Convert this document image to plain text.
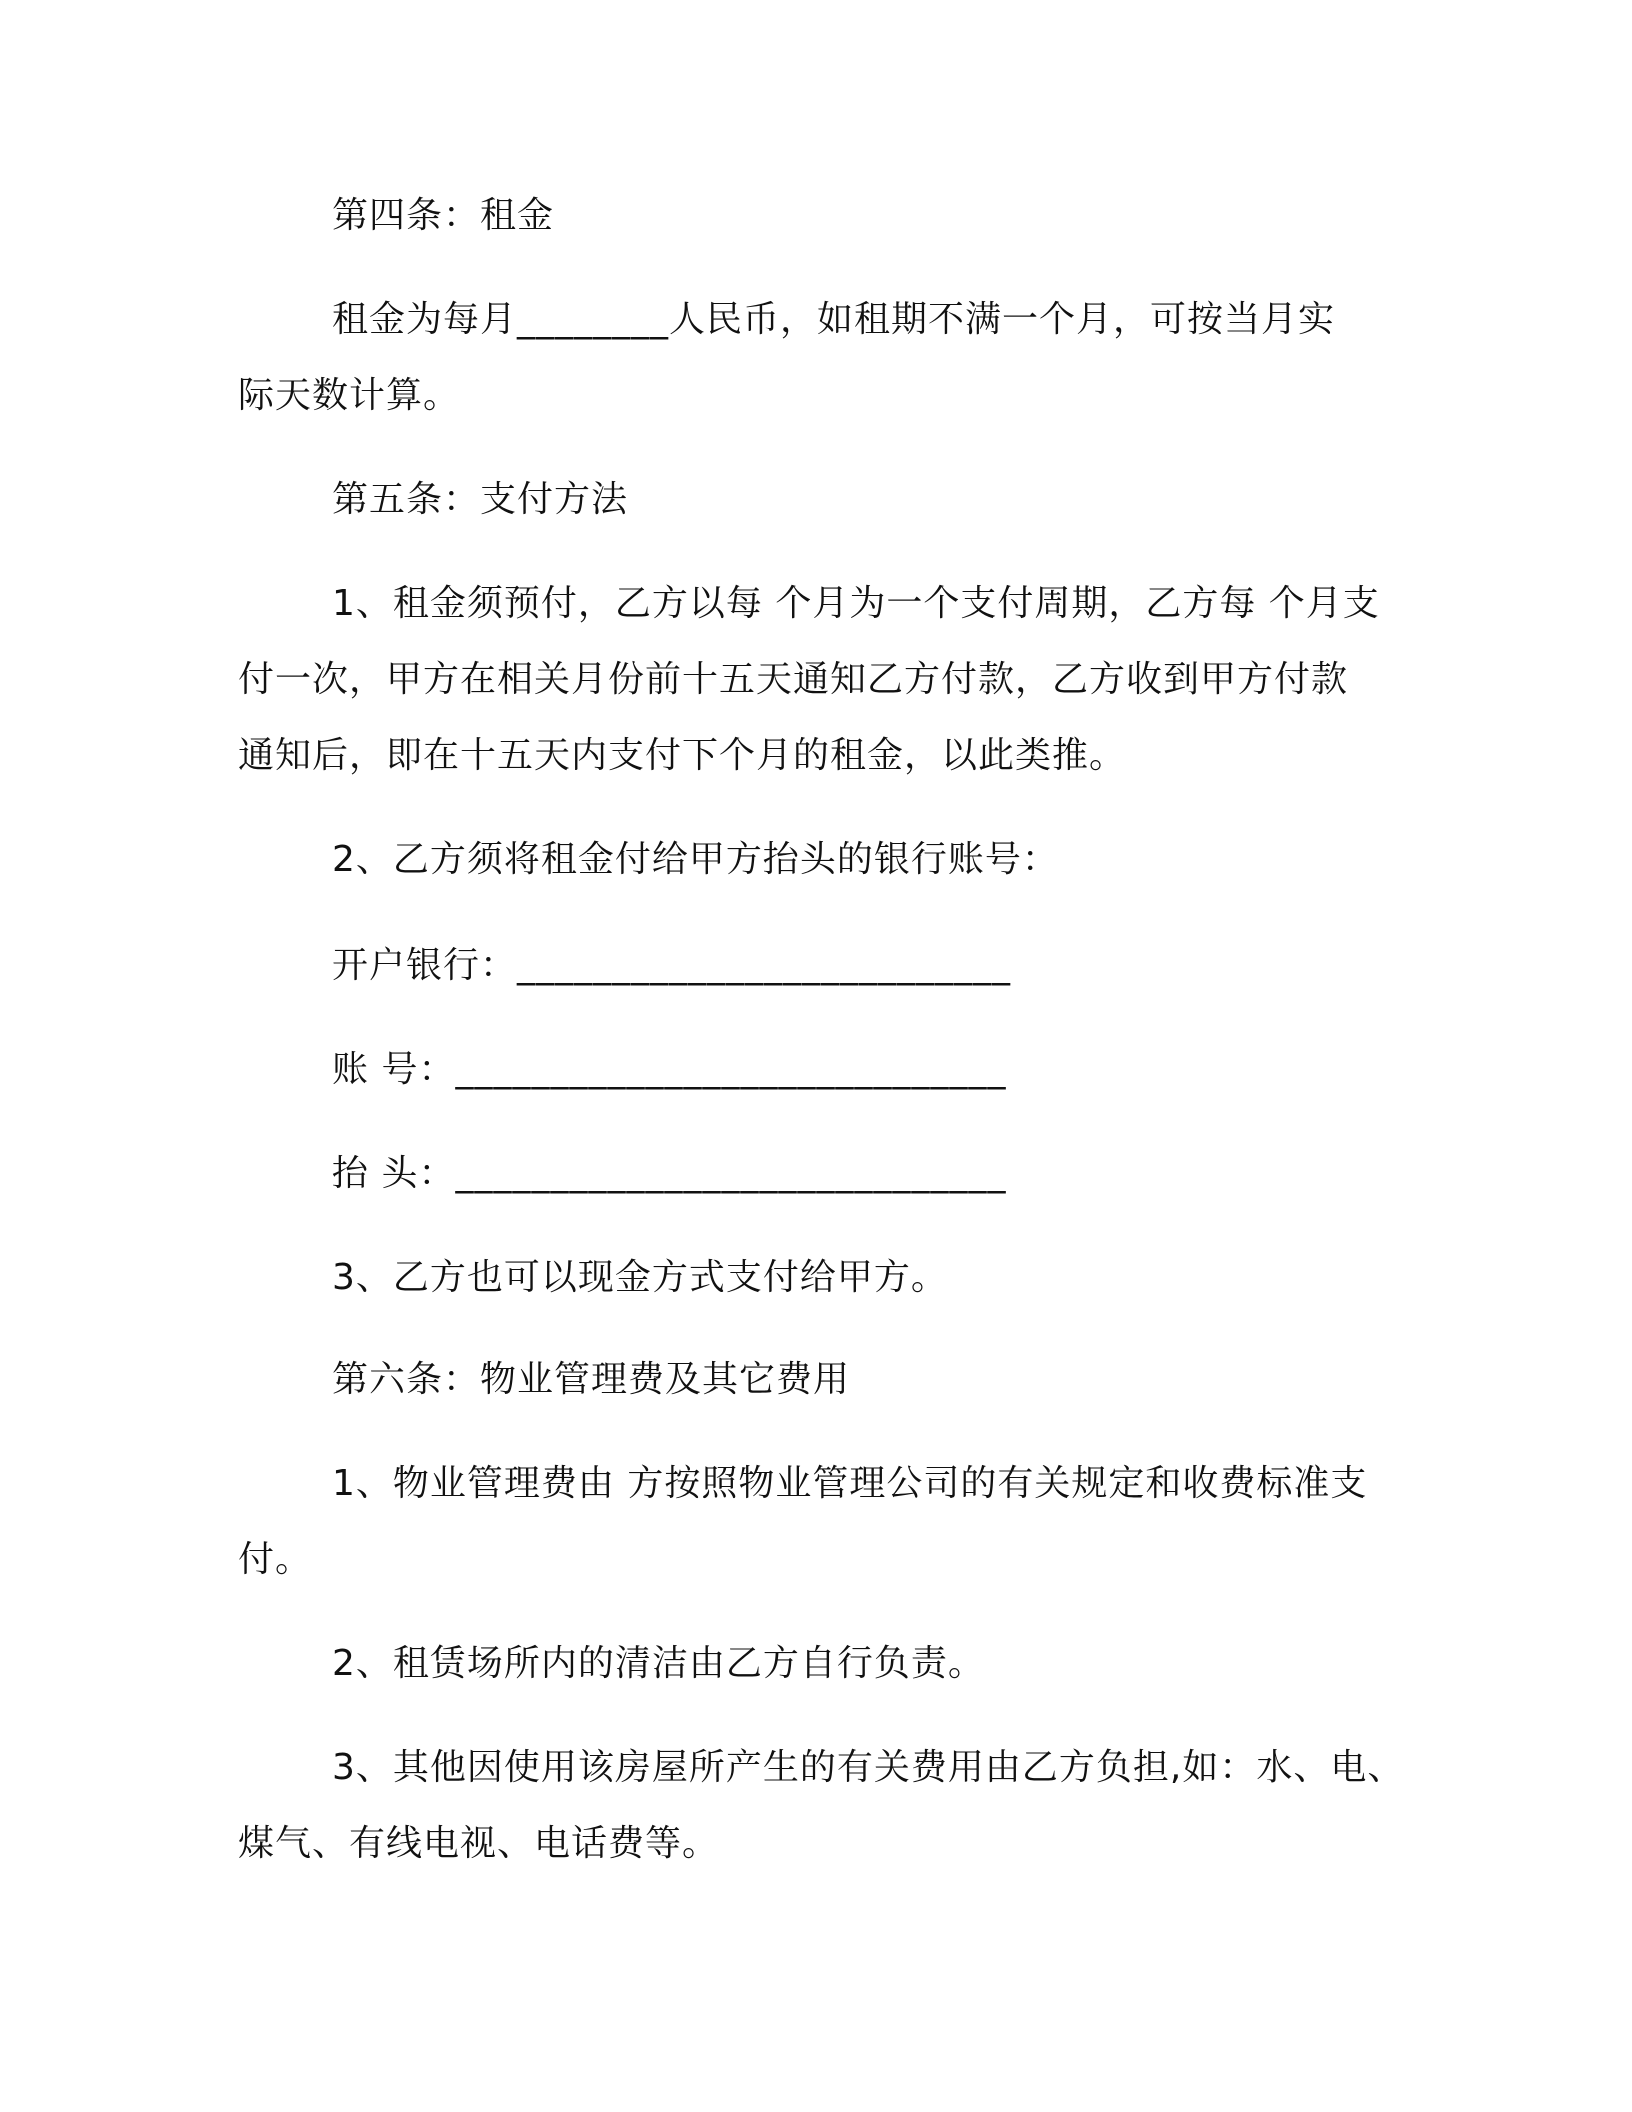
第四条：租金
租金为每月________人民币，如租期不满一个月，可按当月实
际天数计算。
第五条：支付方法
1、租金须预付，乙方以每 个月为一个支付周期，乙方每 个月支
付一次，甲方在相关月份前十五天通知乙方付款，乙方收到甲方付款
通知后，即在十五天内支付下个月的租金，以此类推。
2、乙方须将租金付给甲方抬头的银行账号：
开户银行：__________________________
账 号：_____________________________
抬 头：_____________________________
3、乙方也可以现金方式支付给甲方。
第六条：物业管理费及其它费用
1、物业管理费由 方按照物业管理公司的有关规定和收费标准支
付。
2、租赁场所内的清洁由乙方自行负责。
3、其他因使用该房屋所产生的有关费用由乙方负担,如：水、电、
煤气、有线电视、电话费等。
